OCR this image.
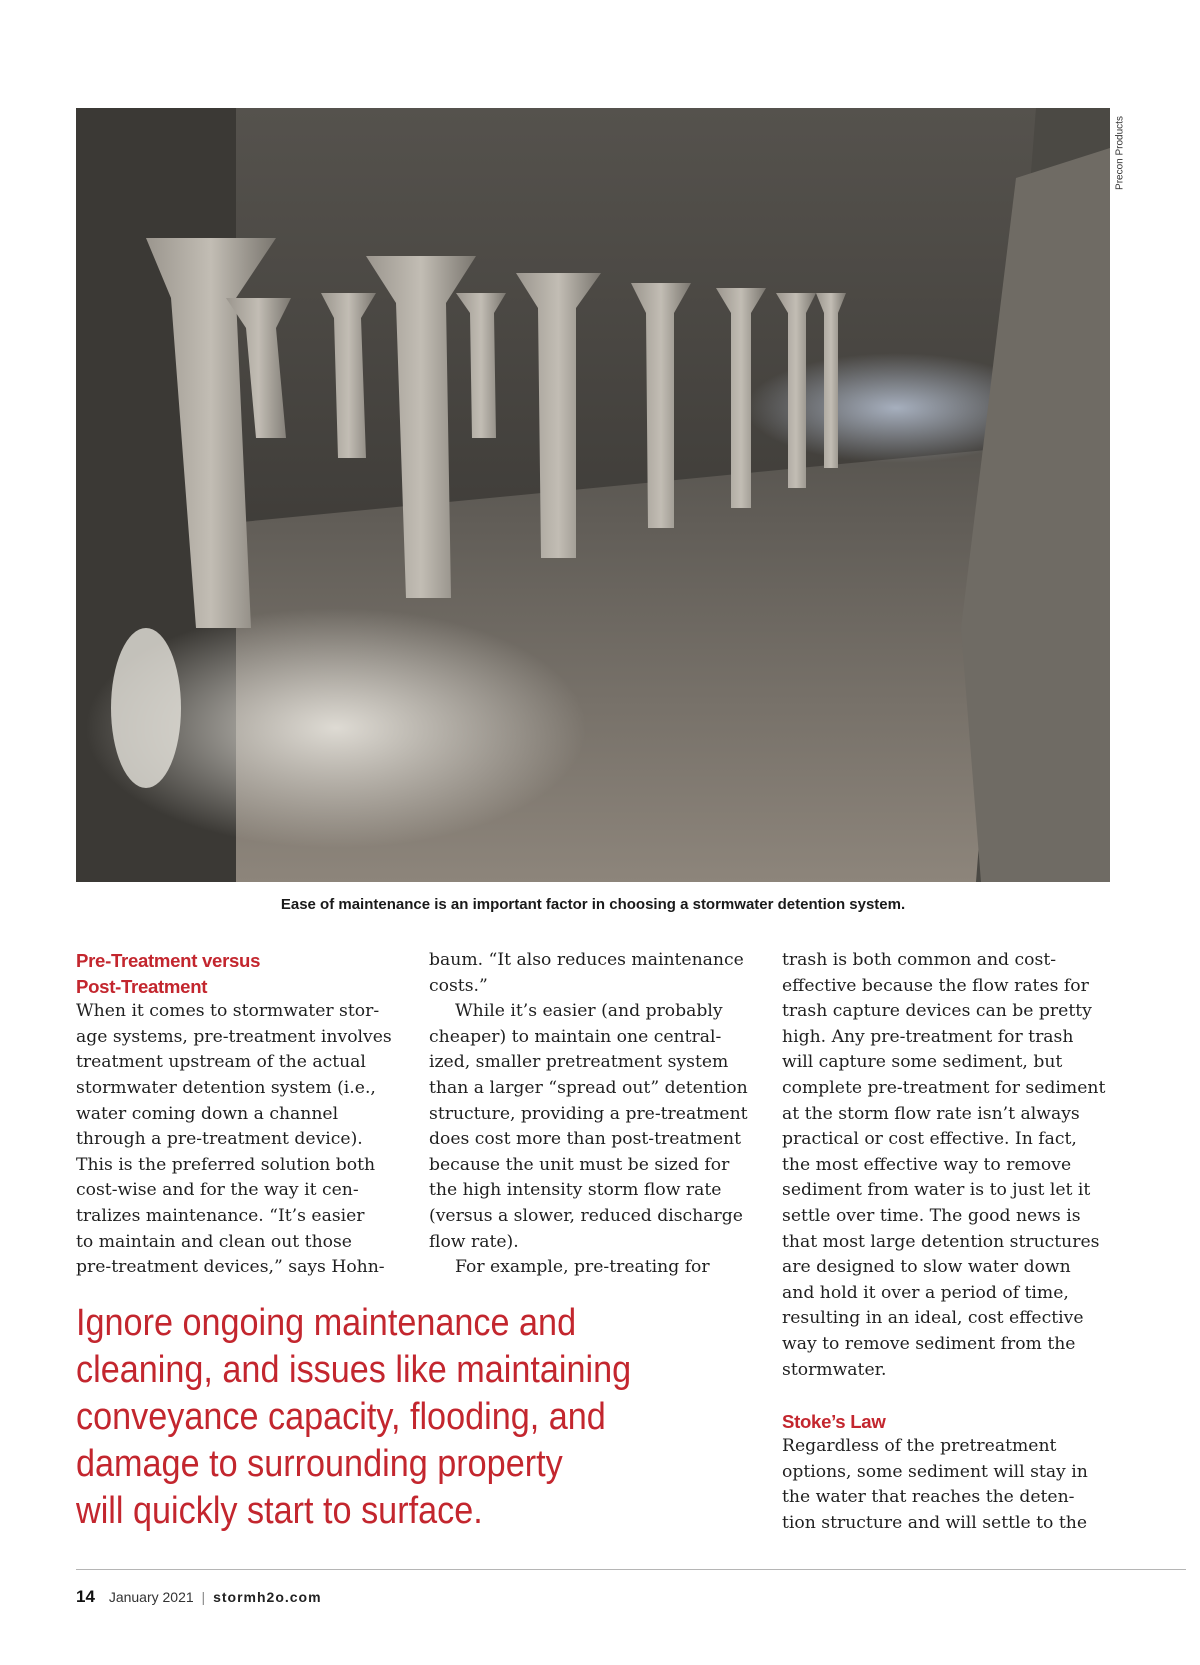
Precon Products
Ease of maintenance is an important factor in choosing a stormwater detention system.
Pre-Treatment versus
Post-Treatment

When it comes to stormwater stor-
age systems, pre-treatment involves
treatment upstream of the actual
stormwater detention system (i.e.,
water coming down a channel
through a pre-treatment device).
This is the preferred solution both
cost-wise and for the way it cen-
tralizes maintenance. “It’s easier
to maintain and clean out those
pre-treatment devices,” says Hohn-

baum. “It also reduces maintenance
costs.”
While it’s easier (and probably
cheaper) to maintain one central-
ized, smaller pretreatment system
than a larger “spread out” detention
structure, providing a pre-treatment
does cost more than post-treatment
because the unit must be sized for
the high intensity storm flow rate
(versus a slower, reduced discharge
flow rate).
For example, pre-treating for

trash is both common and cost-
effective because the flow rates for
trash capture devices can be pretty
high. Any pre-treatment for trash
will capture some sediment, but
complete pre-treatment for sediment
at the storm flow rate isn’t always
practical or cost effective. In fact,
the most effective way to remove
sediment from water is to just let it
settle over time. The good news is
that most large detention structures
are designed to slow water down
and hold it over a period of time,
resulting in an ideal, cost effective
way to remove sediment from the
stormwater.

Stoke’s Law

Regardless of the pretreatment
options, some sediment will stay in
the water that reaches the deten-
tion structure and will settle to the

Ignore ongoing maintenance and
cleaning, and issues like maintaining
conveyance capacity, flooding, and
damage to surrounding property
will quickly start to surface.
14 January 2021 | stormh2o.com
